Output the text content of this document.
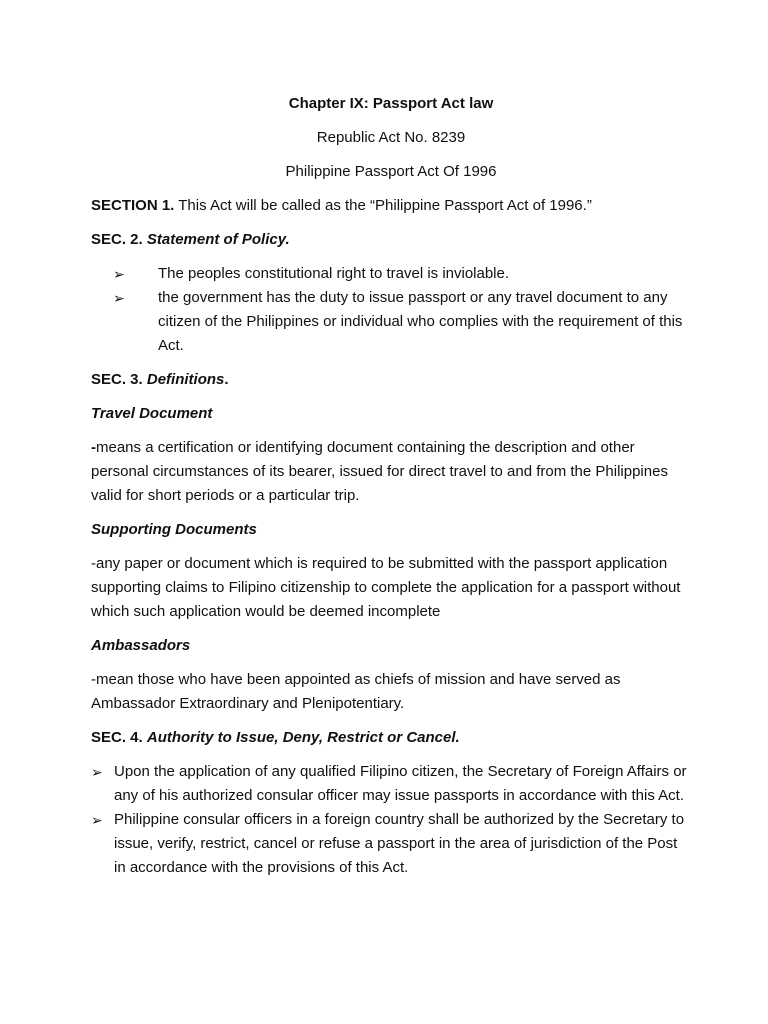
Chapter IX: Passport Act law
Republic Act No. 8239
Philippine Passport Act Of 1996

SECTION 1. This Act will be called as the “Philippine Passport Act of 1996.”

SEC. 2. Statement of Policy.

➢ The peoples constitutional right to travel is inviolable.
➢ the government has the duty to issue passport or any travel document to any citizen of the Philippines or individual who complies with the requirement of this Act.

SEC. 3. Definitions.

Travel Document

-means a certification or identifying document containing the description and other personal circumstances of its bearer, issued for direct travel to and from the Philippines valid for short periods or a particular trip.

Supporting Documents

-any paper or document which is required to be submitted with the passport application supporting claims to Filipino citizenship to complete the application for a passport without which such application would be deemed incomplete

Ambassadors

-mean those who have been appointed as chiefs of mission and have served as Ambassador Extraordinary and Plenipotentiary.

SEC. 4. Authority to Issue, Deny, Restrict or Cancel.

➢ Upon the application of any qualified Filipino citizen, the Secretary of Foreign Affairs or any of his authorized consular officer may issue passports in accordance with this Act.
➢ Philippine consular officers in a foreign country shall be authorized by the Secretary to issue, verify, restrict, cancel or refuse a passport in the area of jurisdiction of the Post in accordance with the provisions of this Act.
